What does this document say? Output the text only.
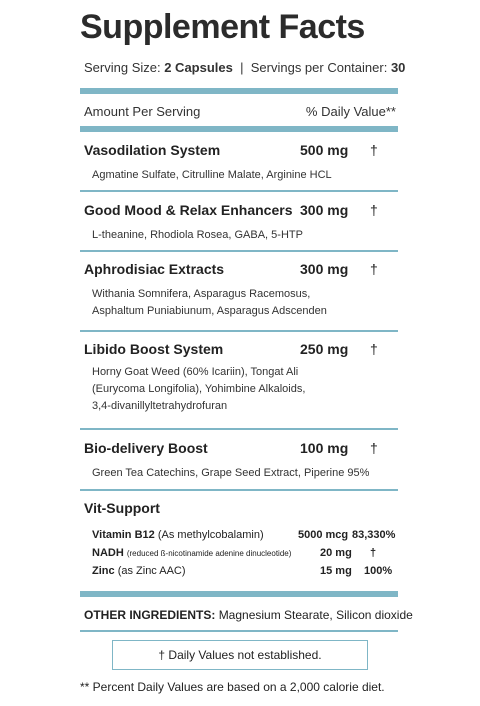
Supplement Facts
Serving Size: 2 Capsules | Servings per Container: 30
Amount Per Serving	% Daily Value**
Vasodilation System	500 mg †
Agmatine Sulfate, Citrulline Malate, Arginine HCL
Good Mood & Relax Enhancers 300 mg †
L-theanine, Rhodiola Rosea, GABA, 5-HTP
Aphrodisiac Extracts	300 mg †
Withania Somnifera, Asparagus Racemosus, Asphaltum Puniabiunum, Asparagus Adscenden
Libido Boost System	250 mg †
Horny Goat Weed (60% Icariin), Tongat Ali (Eurycoma Longifolia), Yohimbine Alkaloids, 3,4-divanillyltetrahydrofuran
Bio-delivery Boost	100 mg †
Green Tea Catechins, Grape Seed Extract, Piperine 95%
Vit-Support
Vitamin B12 (As methylcobalamin)	5000 mcg 83,330%
NADH (reduced ß-nicotinamide adenine dinucleotide)	20 mg †
Zinc (as Zinc AAC)	15 mg 100%
OTHER INGREDIENTS: Magnesium Stearate, Silicon dioxide
† Daily Values not established.
** Percent Daily Values are based on a 2,000 calorie diet.
